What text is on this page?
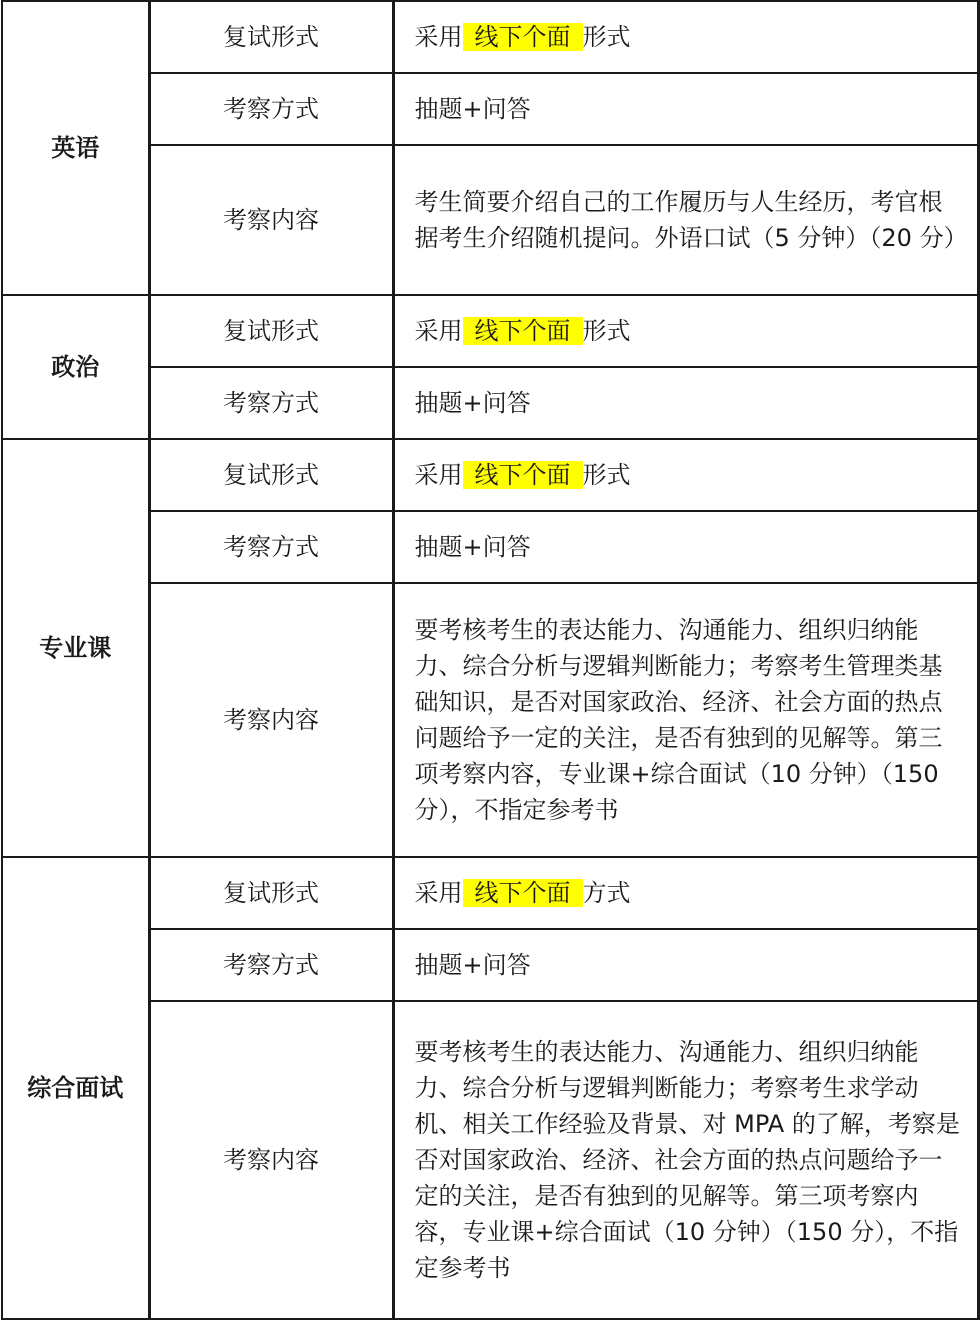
英语	复试形式	采用 线下个面 形式
	考察方式	抽题+问答
	考察内容	考生简要介绍自己的工作履历与人生经历，考官根据考生介绍随机提问。外语口试（5 分钟）（20 分）
政治	复试形式	采用 线下个面 形式
	考察方式	抽题+问答
专业课	复试形式	采用 线下个面 形式
	考察方式	抽题+问答
	考察内容	要考核考生的表达能力、沟通能力、组织归纳能力、综合分析与逻辑判断能力；考察考生管理类基础知识，是否对国家政治、经济、社会方面的热点问题给予一定的关注，是否有独到的见解等。第三项考察内容，专业课+综合面试（10 分钟）（150 分），不指定参考书
综合面试	复试形式	采用 线下个面 方式
	考察方式	抽题+问答
	考察内容	要考核考生的表达能力、沟通能力、组织归纳能力、综合分析与逻辑判断能力；考察考生求学动机、相关工作经验及背景、对 MPA 的了解，考察是否对国家政治、经济、社会方面的热点问题给予一定的关注，是否有独到的见解等。第三项考察内容，专业课+综合面试（10 分钟）（150 分），不指定参考书
